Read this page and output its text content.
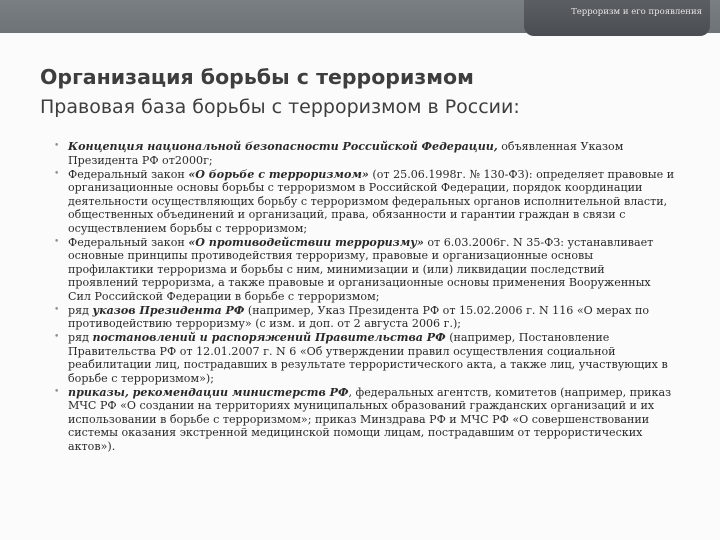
Терроризм и его проявления
Организация борьбы с терроризмом
Правовая база борьбы с терроризмом в России:
• Концепция национальной безопасности Российской Федерации, объявленная Указом Президента РФ от2000г;
• Федеральный закон «О борьбе с терроризмом» (от 25.06.1998г. № 130-ФЗ): определяет правовые и организационные основы борьбы с терроризмом в Российской Федерации, порядок координации деятельности осуществляющих борьбу с терроризмом федеральных органов исполнительной власти, общественных объединений и организаций, права, обязанности и гарантии граждан в связи с осуществлением борьбы с терроризмом;
• Федеральный закон «О противодействии терроризму» от 6.03.2006г. N 35-ФЗ: устанавливает основные принципы противодействия терроризму, правовые и организационные основы профилактики терроризма и борьбы с ним, минимизации и (или) ликвидации последствий проявлений терроризма, а также правовые и организационные основы применения Вооруженных Сил Российской Федерации в борьбе с терроризмом;
• ряд указов Президента РФ (например, Указ Президента РФ от 15.02.2006 г. N 116 «О мерах по противодействию терроризму» (с изм. и доп. от 2 августа 2006 г.);
• ряд постановлений и распоряжений Правительства РФ (например, Постановление Правительства РФ от 12.01.2007 г. N 6 «Об утверждении правил осуществления социальной реабилитации лиц, пострадавших в результате террористического акта, а также лиц, участвующих в борьбе с терроризмом»);
• приказы, рекомендации министерств РФ, федеральных агентств, комитетов (например, приказ МЧС РФ «О создании на территориях муниципальных образований гражданских организаций и их использовании в борьбе с терроризмом»; приказ Минздрава РФ и МЧС РФ «О совершенствовании системы оказания экстренной медицинской помощи лицам, пострадавшим от террористических актов»).
